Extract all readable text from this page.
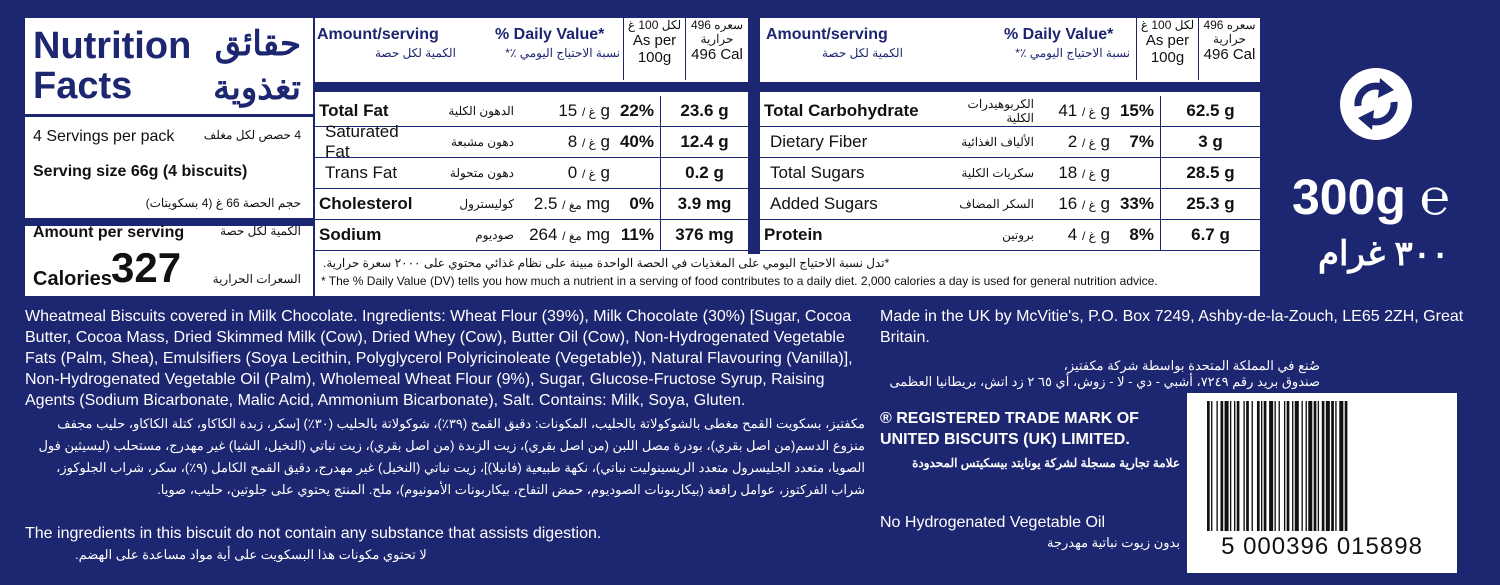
Nutrition
Facts
حقائق
تغذوية
4 Servings per pack 4 حصص لكل مغلف
Serving size 66g (4 biscuits)
حجم الحصة 66 غ (4 بسكويتات)
Amount per serving	الكمية لكل حصة
Calories 327	السعرات الحرارية
Amount/serving
الكمية لكل حصة
% Daily Value*
نسبة الاحتياج اليومي ٪*
لكل 100 غ
As per
100g
سعره 496
حرارية
496 Cal
Total Fat	الدهون الكلية	غ / 15 g 22%	23.6 g
Saturated Fat	دهون مشبعة	غ / 8 g 40%	12.4 g
Trans Fat	دهون متحولة	غ / 0 g	0.2 g
Cholesterol	كوليسترول	مغ / 2.5 mg	0%	3.9 mg
Sodium	صوديوم	مغ / 264 mg 11%	376 mg
Amount/serving
الكمية لكل حصة
% Daily Value*
نسبة الاحتياج اليومي ٪*
لكل 100 غ
As per
100g
سعره 496
حرارية
496 Cal
Total Carbohydrate	الكربوهيدرات الكلية	غ / 41 g 15%	62.5 g
Dietary Fiber	الألياف الغذائية	غ / 2 g	7%	3 g
Total Sugars	سكريات الكلية	غ / 18 g	28.5 g
Added Sugars	السكر المضاف	غ / 16 g 33%	25.3 g
Protein	بروتين	غ / 4 g	8%	6.7 g
*تدل نسبة الاحتياج اليومي على المغذيات في الحصة الواحدة مبينة على نظام غذائي محتوي على ٢٠٠٠ سعرة حرارية.
* The % Daily Value (DV) tells you how much a nutrient in a serving of food contributes to a daily diet. 2,000 calories a day is used for general nutrition advice.
300g ℮
٣٠٠ غرام
Wheatmeal Biscuits covered in Milk Chocolate. Ingredients: Wheat Flour (39%), Milk Chocolate (30%) [Sugar, Cocoa Butter, Cocoa Mass, Dried Skimmed Milk (Cow), Dried Whey (Cow), Butter Oil (Cow), Non-Hydrogenated Vegetable Fats (Palm, Shea), Emulsifiers (Soya Lecithin, Polyglycerol Polyricinoleate (Vegetable)), Natural Flavouring (Vanilla)], Non-Hydrogenated Vegetable Oil (Palm), Wholemeal Wheat Flour (9%), Sugar, Glucose-Fructose Syrup, Raising Agents (Sodium Bicarbonate, Malic Acid, Ammonium Bicarbonate), Salt. Contains: Milk, Soya, Gluten.
مكفتيز، بسكويت القمح مغطى بالشوكولاتة بالحليب، المكونات: دقيق القمح (٣٩٪)، شوكولاتة بالحليب (٣٠٪) [سكر، زبدة الكاكاو، كتلة الكاكاو، حليب مجفف منزوع الدسم(من اصل بقري)، بودرة مصل اللبن (من اصل بقري)، زيت الزبدة (من اصل بقري)، زيت نباتي (النخيل، الشيا) غير مهدرج، مستحلب (ليسيثين فول الصويا، متعدد الجليسرول متعدد الريسينوليت نباتي)، نكهة طبيعية (فانيلا)]، زيت نباتي (النخيل) غير مهدرج، دقيق القمح الكامل (٩٪)، سكر، شراب الجلوكوز، شراب الفركتوز، عوامل رافعة (بيكاربونات الصوديوم، حمض التفاح، بيكاربونات الأمونيوم)، ملح. المنتج يحتوي على جلوتين، حليب، صويا.
The ingredients in this biscuit do not contain any substance that assists digestion.
لا تحتوي مكونات هذا البسكويت على أية مواد مساعدة على الهضم.
Made in the UK by McVitie's, P.O. Box 7249, Ashby-de-la-Zouch, LE65 2ZH, Great Britain.
صُنع في المملكة المتحدة بواسطة شركة مكفتيز،
صندوق بريد رقم ٧٢٤٩، أشبي - دي - لا - زوش، أي ٦٥ ٢ زد اتش، بريطانيا العظمى
® REGISTERED TRADE MARK OF UNITED BISCUITS (UK) LIMITED.
علامة تجارية مسجلة لشركة يونايتد بيسكيتس المحدودة
No Hydrogenated Vegetable Oil
بدون زيوت نباتية مهدرجة	5 000396 015898
